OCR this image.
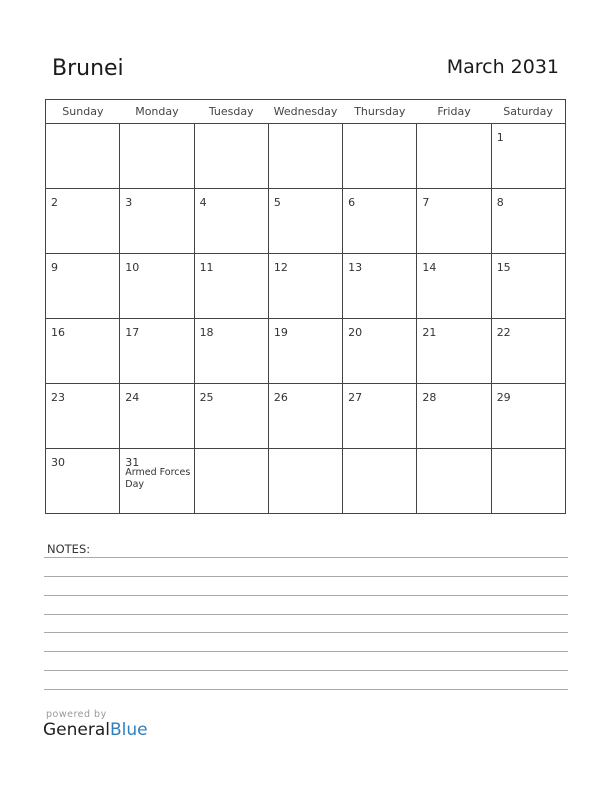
Brunei	March 2031
Sunday	Monday	Tuesday	Wednesday	Thursday	Friday	Saturday

						1

2	3	4	5	6	7	8

9	10	11	12	13	14	15

16	17	18	19	20	21	22

23	24	25	26	27	28	29

30	31
Armed Forces Day					

NOTES:
powered by
GeneralBlue
